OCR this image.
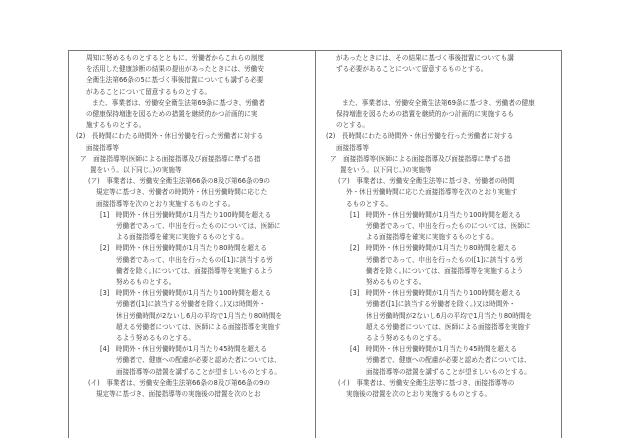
周知に努めるものとするとともに、労働者からこれらの制度
を活用した健康診断の結果の提出があったときには、労働安
全衛生法第66条の5に基づく事後措置についても講ずる必要
があることについて留意するものとする。
また、事業者は、労働安全衛生法第69条に基づき、労働者
の健康保持増進を図るための措置を継続的かつ計画的に実
施するものとする。
(2)　長時間にわたる時間外・休日労働を行った労働者に対する
面接指導等
ア　面接指導等(医師による面接指導及び面接指導に準ずる措
置をいう。以下同じ。)の実施等
(ア)　事業者は、労働安全衛生法第66条の8及び第66条の9の
規定等に基づき、労働者の時間外・休日労働時間に応じた
面接指導等を次のとおり実施するものとする。
[1]　時間外・休日労働時間が1月当たり100時間を超える
労働者であって、申出を行ったものについては、医師に
よる面接指導を確実に実施するものとする。
[2]　時間外・休日労働時間が1月当たり80時間を超える
労働者であって、申出を行ったもの([1]に該当する労
働者を除く。)については、面接指導等を実施するよう
努めるものとする。
[3]　時間外・休日労働時間が1月当たり100時間を超える
労働者([1]に該当する労働者を除く。)又は時間外・
休日労働時間が2ないし6月の平均で1月当たり80時間を
超える労働者については、医師による面接指導を実施す
るよう努めるものとする。
[4]　時間外・休日労働時間が1月当たり45時間を超える
労働者で、健康への配慮が必要と認めた者については、
面接指導等の措置を講ずることが望ましいものとする。
(イ)　事業者は、労働安全衛生法第66条の8及び第66条の9の
規定等に基づき、面接指導等の実施後の措置を次のとお
があったときには、その結果に基づく事後措置についても講
ずる必要があることについて留意するものとする。
また、事業者は、労働安全衛生法第69条に基づき、労働者の健康
保持増進を図るための措置を継続的かつ計画的に実施するも
のとする。
(2)　長時間にわたる時間外・休日労働を行った労働者に対する
面接指導等
ア　面接指導等(医師による面接指導及び面接指導に準ずる措
置をいう。以下同じ。)の実施等
(ア)　事業者は、労働安全衛生法等に基づき、労働者の時間
外・休日労働時間に応じた面接指導等を次のとおり実施す
るものとする。
[1]　時間外・休日労働時間が1月当たり100時間を超える
労働者であって、申出を行ったものについては、医師に
よる面接指導を確実に実施するものとする。
[2]　時間外・休日労働時間が1月当たり80時間を超える
労働者であって、申出を行ったもの([1]に該当する労
働者を除く。)については、面接指導等を実施するよう
努めるものとする。
[3]　時間外・休日労働時間が1月当たり100時間を超える
労働者([1]に該当する労働者を除く。)又は時間外・
休日労働時間が2ないし6月の平均で1月当たり80時間を
超える労働者については、医師による面接指導を実施す
るよう努めるものとする。
[4]　時間外・休日労働時間が1月当たり45時間を超える
労働者で、健康への配慮が必要と認めた者については、
面接指導等の措置を講ずることが望ましいものとする。
(イ)　事業者は、労働安全衛生法等に基づき、面接指導等の
実施後の措置を次のとおり実施するものとする。
